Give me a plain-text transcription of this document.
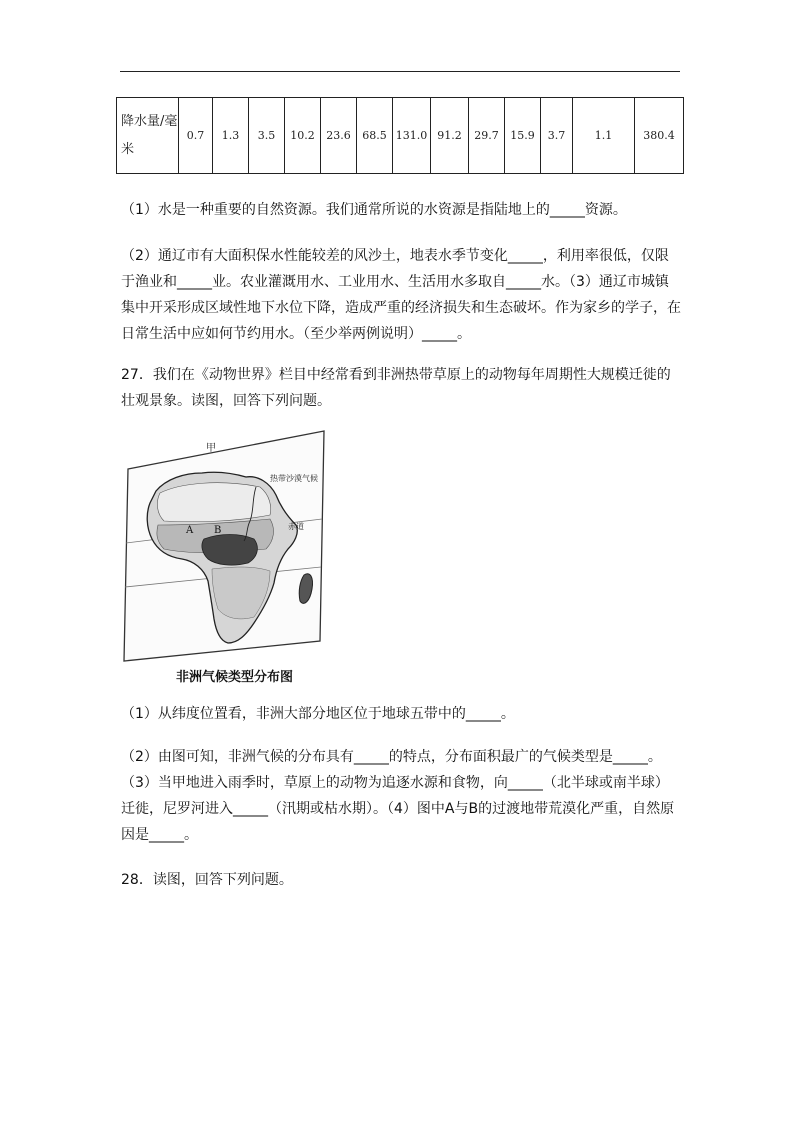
降水量/毫米	0.7	1.3	3.5	10.2	23.6	68.5	131.0	91.2	29.7	15.9	3.7	1.1	380.4

（1）水是一种重要的自然资源。我们通常所说的水资源是指陆地上的_____资源。

（2）通辽市有大面积保水性能较差的风沙土，地表水季节变化_____，利用率很低，仅限于渔业和_____业。农业灌溉用水、工业用水、生活用水多取自_____水。（3）通辽市城镇集中开采形成区域性地下水位下降，造成严重的经济损失和生态破坏。作为家乡的学子，在日常生活中应如何节约用水。（至少举两例说明）_____。

27．我们在《动物世界》栏目中经常看到非洲热带草原上的动物每年周期性大规模迁徙的壮观景象。读图，回答下列问题。

甲
热带沙漠气候
赤道
A B
非洲气候类型分布图

（1）从纬度位置看，非洲大部分地区位于地球五带中的_____。

（2）由图可知，非洲气候的分布具有_____的特点，分布面积最广的气候类型是_____。（3）当甲地进入雨季时，草原上的动物为追逐水源和食物，向_____（北半球或南半球）迁徙，尼罗河进入_____（汛期或枯水期）。（4）图中A与B的过渡地带荒漠化严重，自然原因是_____。

28．读图，回答下列问题。
